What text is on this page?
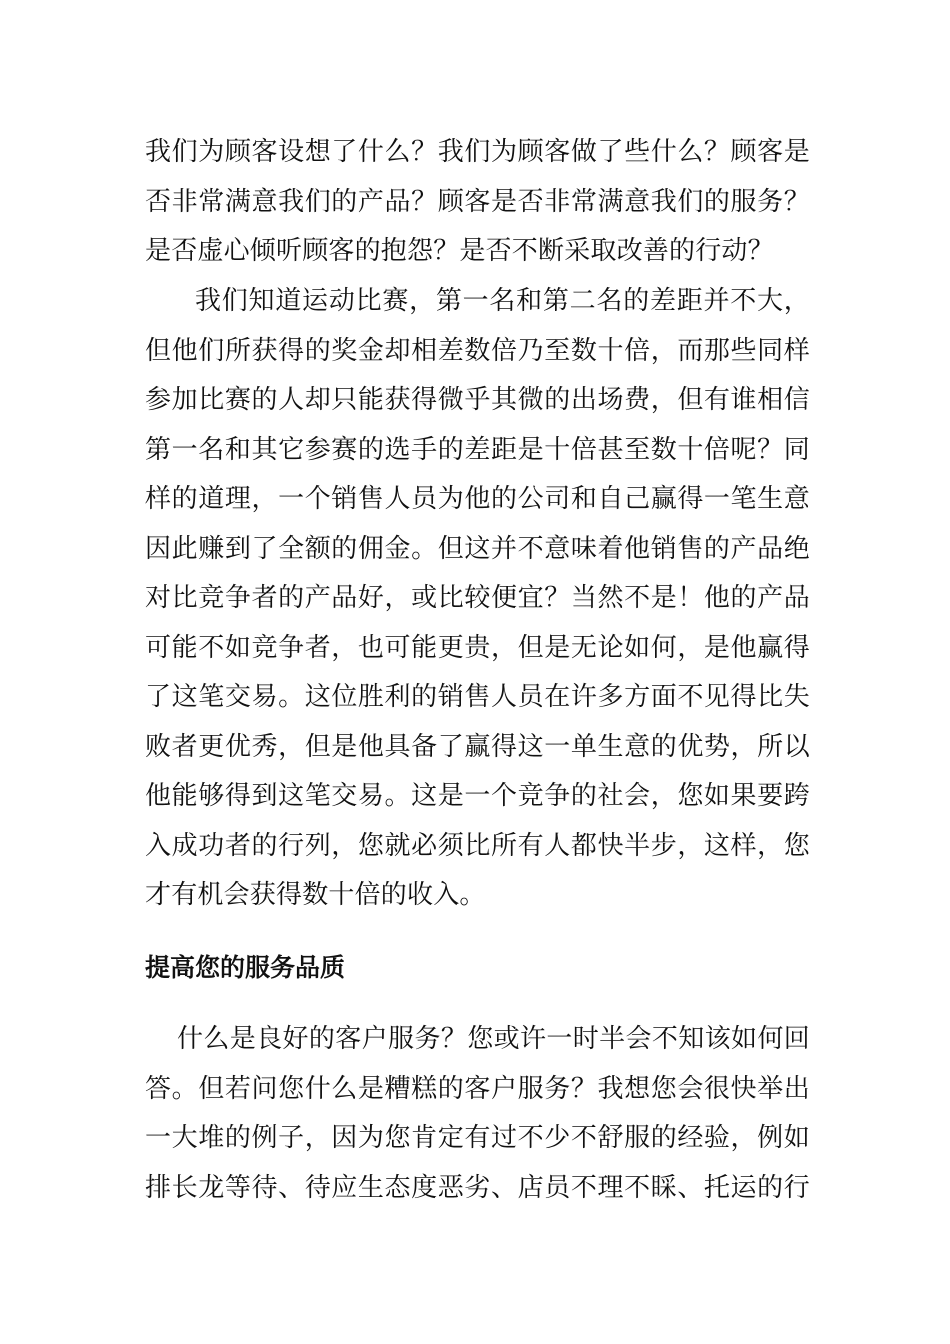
我们为顾客设想了什么？我们为顾客做了些什么？顾客是
否非常满意我们的产品？顾客是否非常满意我们的服务？
是否虚心倾听顾客的抱怨？是否不断采取改善的行动？
我们知道运动比赛，第一名和第二名的差距并不大，
但他们所获得的奖金却相差数倍乃至数十倍，而那些同样
参加比赛的人却只能获得微乎其微的出场费，但有谁相信
第一名和其它参赛的选手的差距是十倍甚至数十倍呢？同
样的道理，一个销售人员为他的公司和自己赢得一笔生意
因此赚到了全额的佣金。但这并不意味着他销售的产品绝
对比竞争者的产品好，或比较便宜？当然不是！他的产品
可能不如竞争者，也可能更贵，但是无论如何，是他赢得
了这笔交易。这位胜利的销售人员在许多方面不见得比失
败者更优秀，但是他具备了赢得这一单生意的优势，所以
他能够得到这笔交易。这是一个竞争的社会，您如果要跨
入成功者的行列，您就必须比所有人都快半步，这样，您
才有机会获得数十倍的收入。
提高您的服务品质
什么是良好的客户服务？您或许一时半会不知该如何回
答。但若问您什么是糟糕的客户服务？我想您会很快举出
一大堆的例子，因为您肯定有过不少不舒服的经验，例如
排长龙等待、待应生态度恶劣、店员不理不睬、托运的行
